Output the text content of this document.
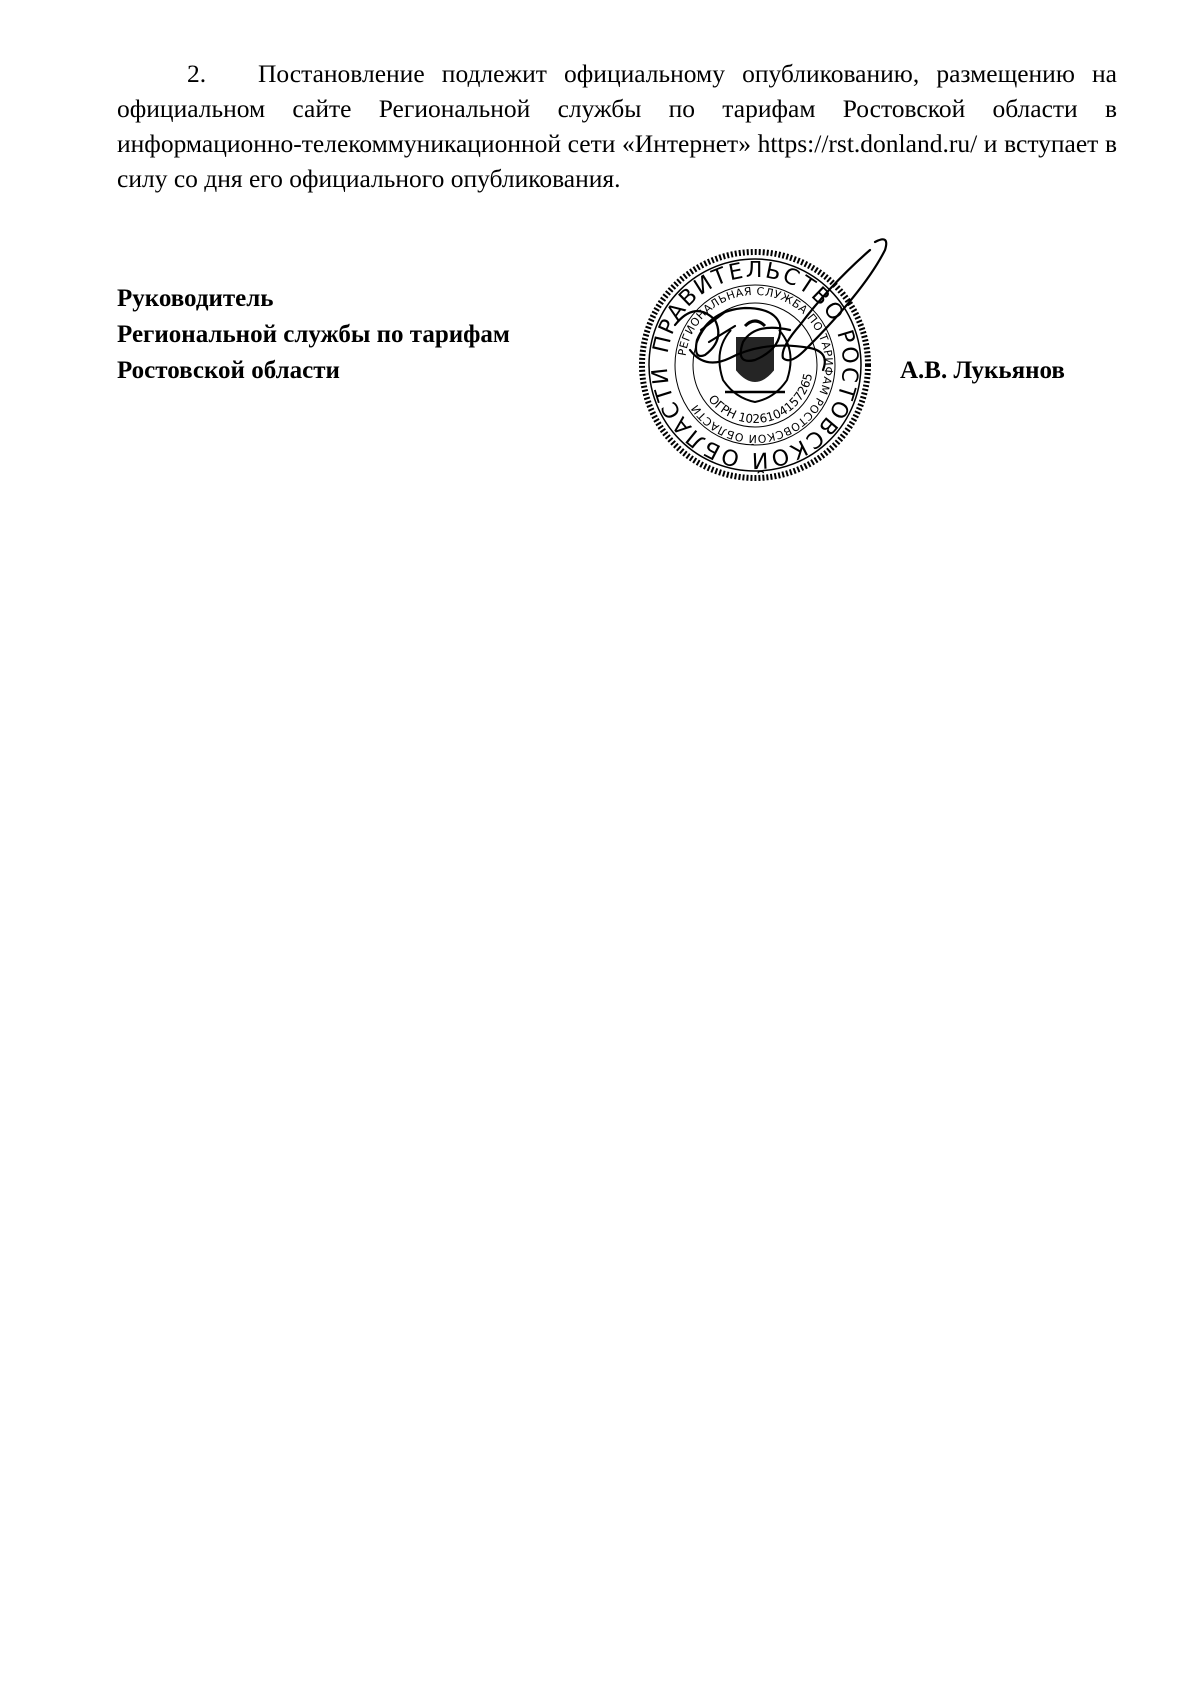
2. Постановление подлежит официальному опубликованию, размещению на официальном сайте Региональной службы по тарифам Ростовской области в информационно-телекоммуникационной сети «Интернет» https://rst.donland.ru/ и вступает в силу со дня его официального опубликования.

Руководитель
Региональной службы по тарифам
Ростовской области
ПРАВИТЕЛЬСТВО РОСТОВСКОЙ ОБЛАСТИ
РЕГИОНАЛЬНАЯ СЛУЖБА ПО ТАРИФАМ РОСТОВСКОЙ ОБЛАСТИ
ОГРН 1026104157265	А.В. Лукьянов
